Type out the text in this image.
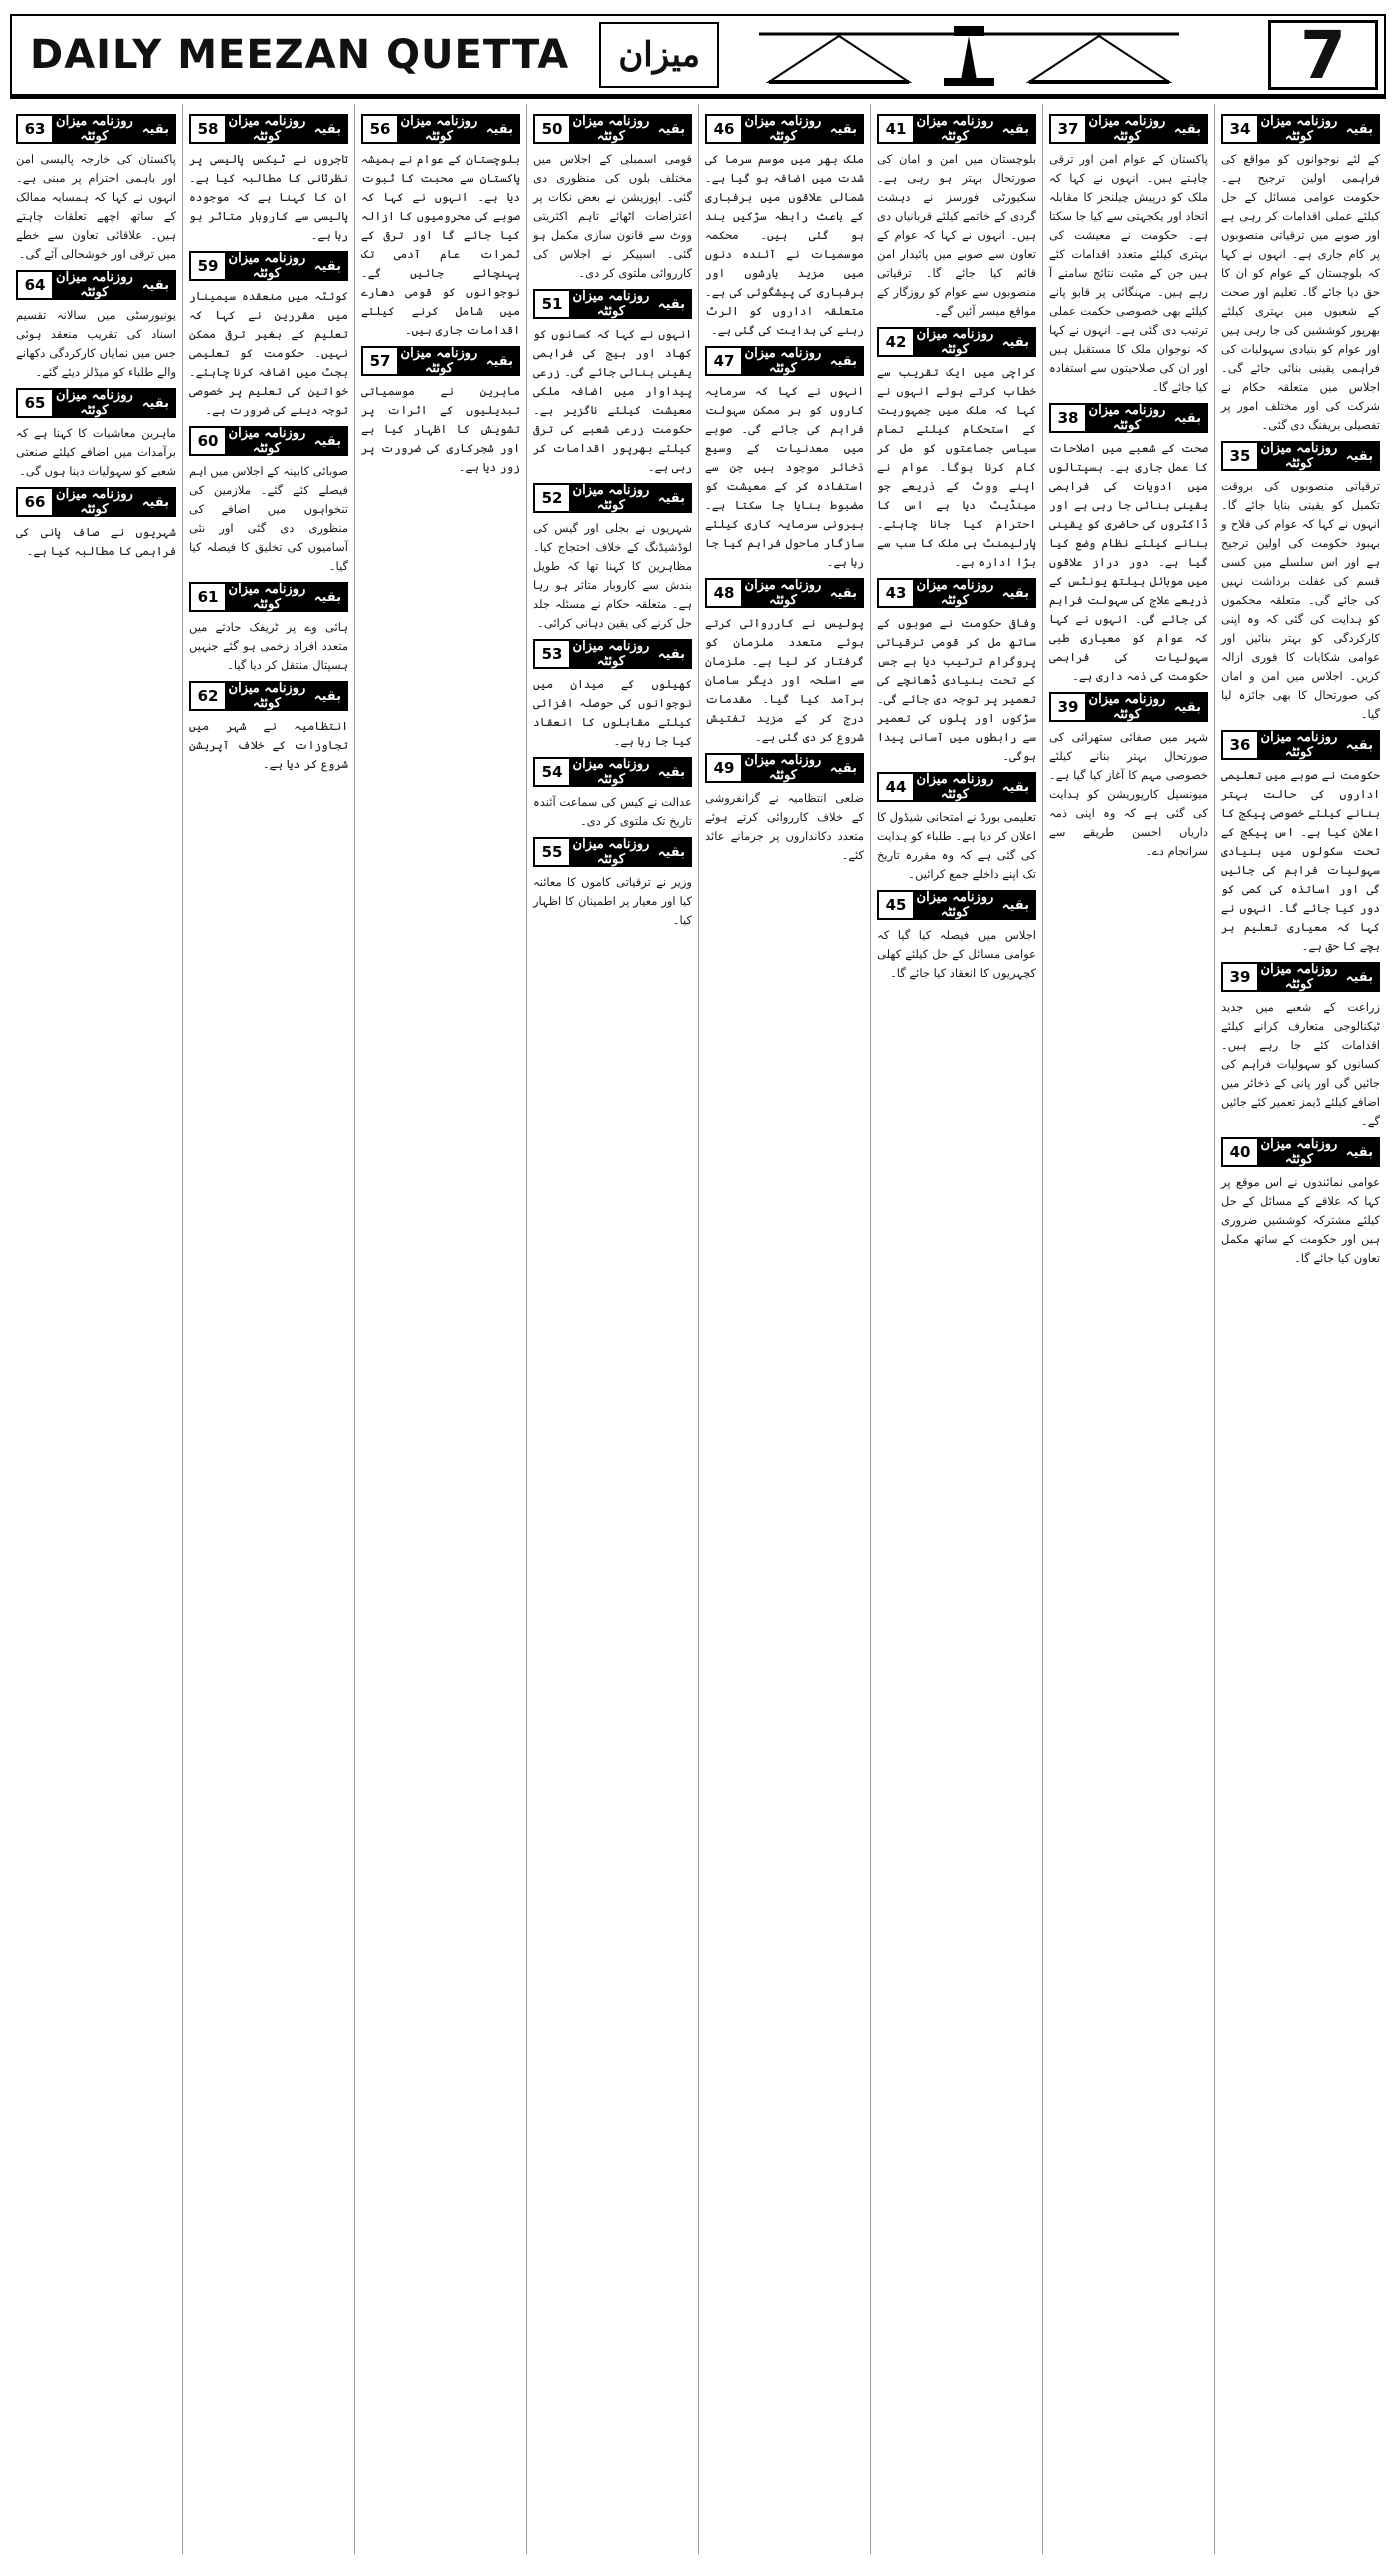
DAILY MEEZAN QUETTA	میزان	7
بقیہ
روزنامہ میزان کوئٹہ
34
کے لئے نوجوانوں کو مواقع کی فراہمی اولین ترجیح ہے۔ حکومت عوامی مسائل کے حل کیلئے عملی اقدامات کر رہی ہے اور صوبے میں ترقیاتی منصوبوں پر کام جاری ہے۔ انہوں نے کہا کہ بلوچستان کے عوام کو ان کا حق دیا جائے گا۔ تعلیم اور صحت کے شعبوں میں بہتری کیلئے بھرپور کوششیں کی جا رہی ہیں اور عوام کو بنیادی سہولیات کی فراہمی یقینی بنائی جائے گی۔ اجلاس میں متعلقہ حکام نے شرکت کی اور مختلف امور پر تفصیلی بریفنگ دی گئی۔
بقیہ
روزنامہ میزان کوئٹہ
35
ترقیاتی منصوبوں کی بروقت تکمیل کو یقینی بنایا جائے گا۔ انہوں نے کہا کہ عوام کی فلاح و بہبود حکومت کی اولین ترجیح ہے اور اس سلسلے میں کسی قسم کی غفلت برداشت نہیں کی جائے گی۔ متعلقہ محکموں کو ہدایت کی گئی کہ وہ اپنی کارکردگی کو بہتر بنائیں اور عوامی شکایات کا فوری ازالہ کریں۔ اجلاس میں امن و امان کی صورتحال کا بھی جائزہ لیا گیا۔
بقیہ
روزنامہ میزان کوئٹہ
36
حکومت نے صوبے میں تعلیمی اداروں کی حالت بہتر بنانے کیلئے خصوصی پیکج کا اعلان کیا ہے۔ اس پیکج کے تحت سکولوں میں بنیادی سہولیات فراہم کی جائیں گی اور اساتذہ کی کمی کو دور کیا جائے گا۔ انہوں نے کہا کہ معیاری تعلیم ہر بچے کا حق ہے۔
بقیہ
روزنامہ میزان کوئٹہ
39
زراعت کے شعبے میں جدید ٹیکنالوجی متعارف کرانے کیلئے اقدامات کئے جا رہے ہیں۔ کسانوں کو سہولیات فراہم کی جائیں گی اور پانی کے ذخائر میں اضافے کیلئے ڈیمز تعمیر کئے جائیں گے۔
بقیہ
روزنامہ میزان کوئٹہ
40
عوامی نمائندوں نے اس موقع پر کہا کہ علاقے کے مسائل کے حل کیلئے مشترکہ کوششیں ضروری ہیں اور حکومت کے ساتھ مکمل تعاون کیا جائے گا۔
بقیہ
روزنامہ میزان کوئٹہ
37
پاکستان کے عوام امن اور ترقی چاہتے ہیں۔ انہوں نے کہا کہ ملک کو درپیش چیلنجز کا مقابلہ اتحاد اور یکجہتی سے کیا جا سکتا ہے۔ حکومت نے معیشت کی بہتری کیلئے متعدد اقدامات کئے ہیں جن کے مثبت نتائج سامنے آ رہے ہیں۔ مہنگائی پر قابو پانے کیلئے بھی خصوصی حکمت عملی ترتیب دی گئی ہے۔ انہوں نے کہا کہ نوجوان ملک کا مستقبل ہیں اور ان کی صلاحیتوں سے استفادہ کیا جائے گا۔
بقیہ
روزنامہ میزان کوئٹہ
38
صحت کے شعبے میں اصلاحات کا عمل جاری ہے۔ ہسپتالوں میں ادویات کی فراہمی یقینی بنائی جا رہی ہے اور ڈاکٹروں کی حاضری کو یقینی بنانے کیلئے نظام وضع کیا گیا ہے۔ دور دراز علاقوں میں موبائل ہیلتھ یونٹس کے ذریعے علاج کی سہولت فراہم کی جائے گی۔ انہوں نے کہا کہ عوام کو معیاری طبی سہولیات کی فراہمی حکومت کی ذمہ داری ہے۔
بقیہ
روزنامہ میزان کوئٹہ
39
شہر میں صفائی ستھرائی کی صورتحال بہتر بنانے کیلئے خصوصی مہم کا آغاز کیا گیا ہے۔ میونسپل کارپوریشن کو ہدایت کی گئی ہے کہ وہ اپنی ذمہ داریاں احسن طریقے سے سرانجام دے۔
بقیہ
روزنامہ میزان کوئٹہ
41
بلوچستان میں امن و امان کی صورتحال بہتر ہو رہی ہے۔ سکیورٹی فورسز نے دہشت گردی کے خاتمے کیلئے قربانیاں دی ہیں۔ انہوں نے کہا کہ عوام کے تعاون سے صوبے میں پائیدار امن قائم کیا جائے گا۔ ترقیاتی منصوبوں سے عوام کو روزگار کے مواقع میسر آئیں گے۔
بقیہ
روزنامہ میزان کوئٹہ
42
کراچی میں ایک تقریب سے خطاب کرتے ہوئے انہوں نے کہا کہ ملک میں جمہوریت کے استحکام کیلئے تمام سیاسی جماعتوں کو مل کر کام کرنا ہوگا۔ عوام نے اپنے ووٹ کے ذریعے جو مینڈیٹ دیا ہے اس کا احترام کیا جانا چاہئے۔ پارلیمنٹ ہی ملک کا سب سے بڑا ادارہ ہے۔
بقیہ
روزنامہ میزان کوئٹہ
43
وفاقی حکومت نے صوبوں کے ساتھ مل کر قومی ترقیاتی پروگرام ترتیب دیا ہے جس کے تحت بنیادی ڈھانچے کی تعمیر پر توجہ دی جائے گی۔ سڑکوں اور پلوں کی تعمیر سے رابطوں میں آسانی پیدا ہوگی۔
بقیہ
روزنامہ میزان کوئٹہ
44
تعلیمی بورڈ نے امتحانی شیڈول کا اعلان کر دیا ہے۔ طلباء کو ہدایت کی گئی ہے کہ وہ مقررہ تاریخ تک اپنے داخلے جمع کرائیں۔
بقیہ
روزنامہ میزان کوئٹہ
45
اجلاس میں فیصلہ کیا گیا کہ عوامی مسائل کے حل کیلئے کھلی کچہریوں کا انعقاد کیا جائے گا۔
بقیہ
روزنامہ میزان کوئٹہ
46
ملک بھر میں موسم سرما کی شدت میں اضافہ ہو گیا ہے۔ شمالی علاقوں میں برفباری کے باعث رابطہ سڑکیں بند ہو گئی ہیں۔ محکمہ موسمیات نے آئندہ دنوں میں مزید بارشوں اور برفباری کی پیشگوئی کی ہے۔ متعلقہ اداروں کو الرٹ رہنے کی ہدایت کی گئی ہے۔
بقیہ
روزنامہ میزان کوئٹہ
47
انہوں نے کہا کہ سرمایہ کاروں کو ہر ممکن سہولت فراہم کی جائے گی۔ صوبے میں معدنیات کے وسیع ذخائر موجود ہیں جن سے استفادہ کر کے معیشت کو مضبوط بنایا جا سکتا ہے۔ بیرونی سرمایہ کاری کیلئے سازگار ماحول فراہم کیا جا رہا ہے۔
بقیہ
روزنامہ میزان کوئٹہ
48
پولیس نے کارروائی کرتے ہوئے متعدد ملزمان کو گرفتار کر لیا ہے۔ ملزمان سے اسلحہ اور دیگر سامان برآمد کیا گیا۔ مقدمات درج کر کے مزید تفتیش شروع کر دی گئی ہے۔
بقیہ
روزنامہ میزان کوئٹہ
49
ضلعی انتظامیہ نے گرانفروشی کے خلاف کارروائی کرتے ہوئے متعدد دکانداروں پر جرمانے عائد کئے۔
بقیہ
روزنامہ میزان کوئٹہ
50
قومی اسمبلی کے اجلاس میں مختلف بلوں کی منظوری دی گئی۔ اپوزیشن نے بعض نکات پر اعتراضات اٹھائے تاہم اکثریتی ووٹ سے قانون سازی مکمل ہو گئی۔ اسپیکر نے اجلاس کی کارروائی ملتوی کر دی۔
بقیہ
روزنامہ میزان کوئٹہ
51
انہوں نے کہا کہ کسانوں کو کھاد اور بیج کی فراہمی یقینی بنائی جائے گی۔ زرعی پیداوار میں اضافہ ملکی معیشت کیلئے ناگزیر ہے۔ حکومت زرعی شعبے کی ترقی کیلئے بھرپور اقدامات کر رہی ہے۔
بقیہ
روزنامہ میزان کوئٹہ
52
شہریوں نے بجلی اور گیس کی لوڈشیڈنگ کے خلاف احتجاج کیا۔ مظاہرین کا کہنا تھا کہ طویل بندش سے کاروبار متاثر ہو رہا ہے۔ متعلقہ حکام نے مسئلہ جلد حل کرنے کی یقین دہانی کرائی۔
بقیہ
روزنامہ میزان کوئٹہ
53
کھیلوں کے میدان میں نوجوانوں کی حوصلہ افزائی کیلئے مقابلوں کا انعقاد کیا جا رہا ہے۔
بقیہ
روزنامہ میزان کوئٹہ
54
عدالت نے کیس کی سماعت آئندہ تاریخ تک ملتوی کر دی۔
بقیہ
روزنامہ میزان کوئٹہ
55
وزیر نے ترقیاتی کاموں کا معائنہ کیا اور معیار پر اطمینان کا اظہار کیا۔
بقیہ
روزنامہ میزان کوئٹہ
56
بلوچستان کے عوام نے ہمیشہ پاکستان سے محبت کا ثبوت دیا ہے۔ انہوں نے کہا کہ صوبے کی محرومیوں کا ازالہ کیا جائے گا اور ترقی کے ثمرات عام آدمی تک پہنچائے جائیں گے۔ نوجوانوں کو قومی دھارے میں شامل کرنے کیلئے اقدامات جاری ہیں۔
بقیہ
روزنامہ میزان کوئٹہ
57
ماہرین نے موسمیاتی تبدیلیوں کے اثرات پر تشویش کا اظہار کیا ہے اور شجرکاری کی ضرورت پر زور دیا ہے۔
بقیہ
روزنامہ میزان کوئٹہ
58
تاجروں نے ٹیکس پالیسی پر نظرثانی کا مطالبہ کیا ہے۔ ان کا کہنا ہے کہ موجودہ پالیسی سے کاروبار متاثر ہو رہا ہے۔
بقیہ
روزنامہ میزان کوئٹہ
59
کوئٹہ میں منعقدہ سیمینار میں مقررین نے کہا کہ تعلیم کے بغیر ترقی ممکن نہیں۔ حکومت کو تعلیمی بجٹ میں اضافہ کرنا چاہئے۔ خواتین کی تعلیم پر خصوصی توجہ دینے کی ضرورت ہے۔
بقیہ
روزنامہ میزان کوئٹہ
60
صوبائی کابینہ کے اجلاس میں اہم فیصلے کئے گئے۔ ملازمین کی تنخواہوں میں اضافے کی منظوری دی گئی اور نئی آسامیوں کی تخلیق کا فیصلہ کیا گیا۔
بقیہ
روزنامہ میزان کوئٹہ
61
ہائی وے پر ٹریفک حادثے میں متعدد افراد زخمی ہو گئے جنہیں ہسپتال منتقل کر دیا گیا۔
بقیہ
روزنامہ میزان کوئٹہ
62
انتظامیہ نے شہر میں تجاوزات کے خلاف آپریشن شروع کر دیا ہے۔
بقیہ
روزنامہ میزان کوئٹہ
63
پاکستان کی خارجہ پالیسی امن اور باہمی احترام پر مبنی ہے۔ انہوں نے کہا کہ ہمسایہ ممالک کے ساتھ اچھے تعلقات چاہتے ہیں۔ علاقائی تعاون سے خطے میں ترقی اور خوشحالی آئے گی۔
بقیہ
روزنامہ میزان کوئٹہ
64
یونیورسٹی میں سالانہ تقسیم اسناد کی تقریب منعقد ہوئی جس میں نمایاں کارکردگی دکھانے والے طلباء کو میڈلز دیئے گئے۔
بقیہ
روزنامہ میزان کوئٹہ
65
ماہرین معاشیات کا کہنا ہے کہ برآمدات میں اضافے کیلئے صنعتی شعبے کو سہولیات دینا ہوں گی۔
بقیہ
روزنامہ میزان کوئٹہ
66
شہریوں نے صاف پانی کی فراہمی کا مطالبہ کیا ہے۔
